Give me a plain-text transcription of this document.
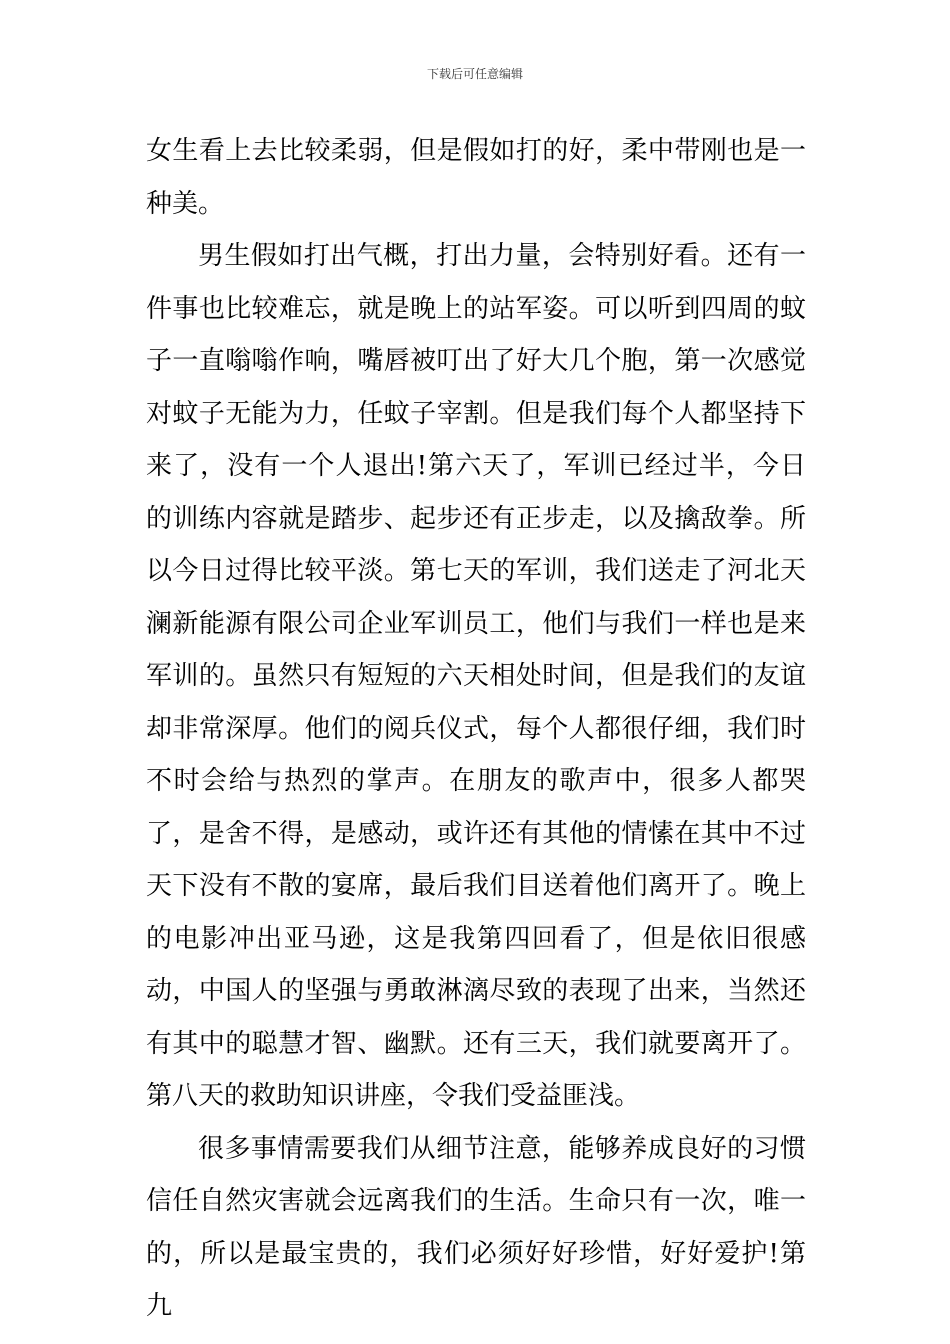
下载后可任意编辑

女生看上去比较柔弱，但是假如打的好，柔中带刚也是一种美。

男生假如打出气概，打出力量，会特别好看。还有一件事也比较难忘，就是晚上的站军姿。可以听到四周的蚊子一直嗡嗡作响，嘴唇被叮出了好大几个胞，第一次感觉对蚊子无能为力，任蚊子宰割。但是我们每个人都坚持下来了，没有一个人退出!第六天了，军训已经过半，今日的训练内容就是踏步、起步还有正步走，以及擒敌拳。所以今日过得比较平淡。第七天的军训，我们送走了河北天澜新能源有限公司企业军训员工，他们与我们一样也是来军训的。虽然只有短短的六天相处时间，但是我们的友谊却非常深厚。他们的阅兵仪式，每个人都很仔细，我们时不时会给与热烈的掌声。在朋友的歌声中，很多人都哭了，是舍不得，是感动，或许还有其他的情愫在其中不过天下没有不散的宴席，最后我们目送着他们离开了。晚上的电影冲出亚马逊，这是我第四回看了，但是依旧很感动，中国人的坚强与勇敢淋漓尽致的表现了出来，当然还有其中的聪慧才智、幽默。还有三天，我们就要离开了。第八天的救助知识讲座，令我们受益匪浅。

很多事情需要我们从细节注意，能够养成良好的习惯信任自然灾害就会远离我们的生活。生命只有一次，唯一的，所以是最宝贵的，我们必须好好珍惜，好好爱护!第九
